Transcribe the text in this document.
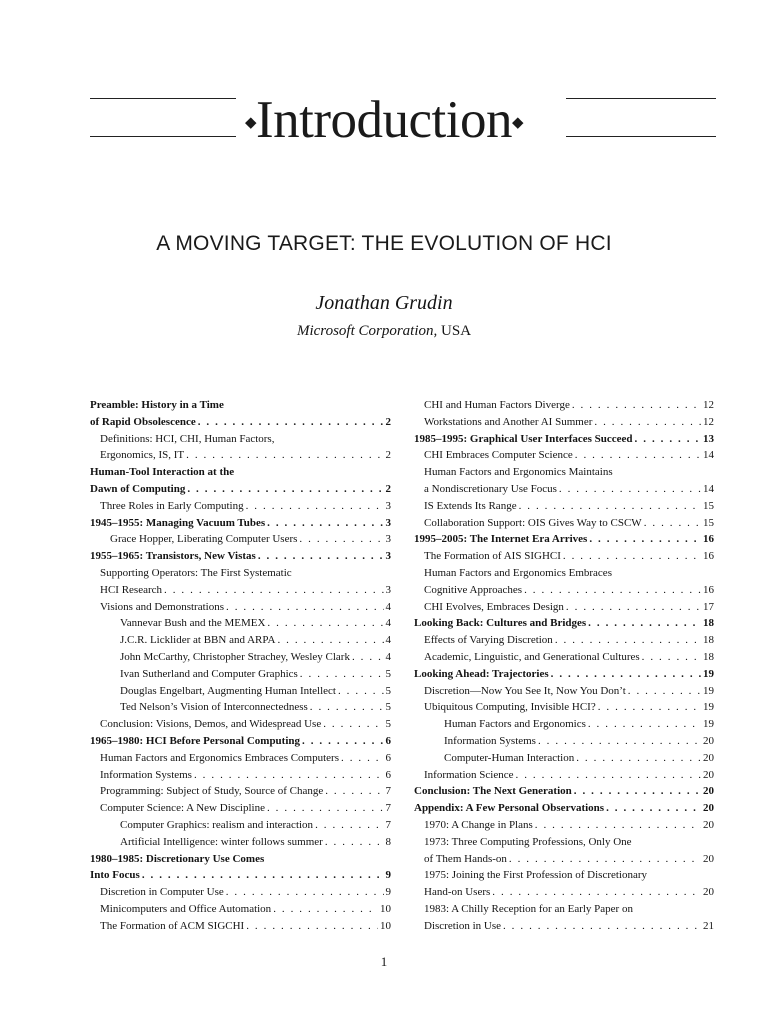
◆Introduction◆
A MOVING TARGET: THE EVOLUTION OF HCI
Jonathan Grudin
Microsoft Corporation, USA
Preamble: History in a Time
of Rapid Obsolescence . . .	2
Definitions: HCI, CHI, Human Factors,
Ergonomics, IS, IT . . .	2
Human-Tool Interaction at the
Dawn of Computing . . .	2
Three Roles in Early Computing . . .	3
1945–1955: Managing Vacuum Tubes . . .	3
Grace Hopper, Liberating Computer Users . . .	3
1955–1965: Transistors, New Vistas . . .	3
Supporting Operators: The First Systematic
HCI Research . . .	3
Visions and Demonstrations . . .	4
Vannevar Bush and the MEMEX . . .	4
J.C.R. Licklider at BBN and ARPA . . .	4
John McCarthy, Christopher Strachey, Wesley Clark . . .	4
Ivan Sutherland and Computer Graphics . . .	5
Douglas Engelbart, Augmenting Human Intellect . . .	5
Ted Nelson’s Vision of Interconnectedness . . .	5
Conclusion: Visions, Demos, and Widespread Use . . .	5
1965–1980: HCI Before Personal Computing . . .	6
Human Factors and Ergonomics Embraces Computers . . .	6
Information Systems . . .	6
Programming: Subject of Study, Source of Change . . .	7
Computer Science: A New Discipline . . .	7
Computer Graphics: realism and interaction . . .	7
Artificial Intelligence: winter follows summer . . .	8
1980–1985: Discretionary Use Comes
Into Focus . . .	9
Discretion in Computer Use . . .	9
Minicomputers and Office Automation . . .	10
The Formation of ACM SIGCHI . . .	10
CHI and Human Factors Diverge . . .	12
Workstations and Another AI Summer . . .	12
1985–1995: Graphical User Interfaces Succeed . . .	13
CHI Embraces Computer Science . . .	14
Human Factors and Ergonomics Maintains
a Nondiscretionary Use Focus . . .	14
IS Extends Its Range . . .	15
Collaboration Support: OIS Gives Way to CSCW . . .	15
1995–2005: The Internet Era Arrives . . .	16
The Formation of AIS SIGHCI . . .	16
Human Factors and Ergonomics Embraces
Cognitive Approaches . . .	16
CHI Evolves, Embraces Design . . .	17
Looking Back: Cultures and Bridges . . .	18
Effects of Varying Discretion . . .	18
Academic, Linguistic, and Generational Cultures . . .	18
Looking Ahead: Trajectories . . .	19
Discretion—Now You See It, Now You Don’t . . .	19
Ubiquitous Computing, Invisible HCI? . . .	19
Human Factors and Ergonomics . . .	19
Information Systems . . .	20
Computer-Human Interaction . . .	20
Information Science . . .	20
Conclusion: The Next Generation . . .	20
Appendix: A Few Personal Observations . . .	20
1970: A Change in Plans . . .	20
1973: Three Computing Professions, Only One
of Them Hands-on . . .	20
1975: Joining the First Profession of Discretionary
Hand-on Users . . .	20
1983: A Chilly Reception for an Early Paper on
Discretion in Use . . .	21
1
